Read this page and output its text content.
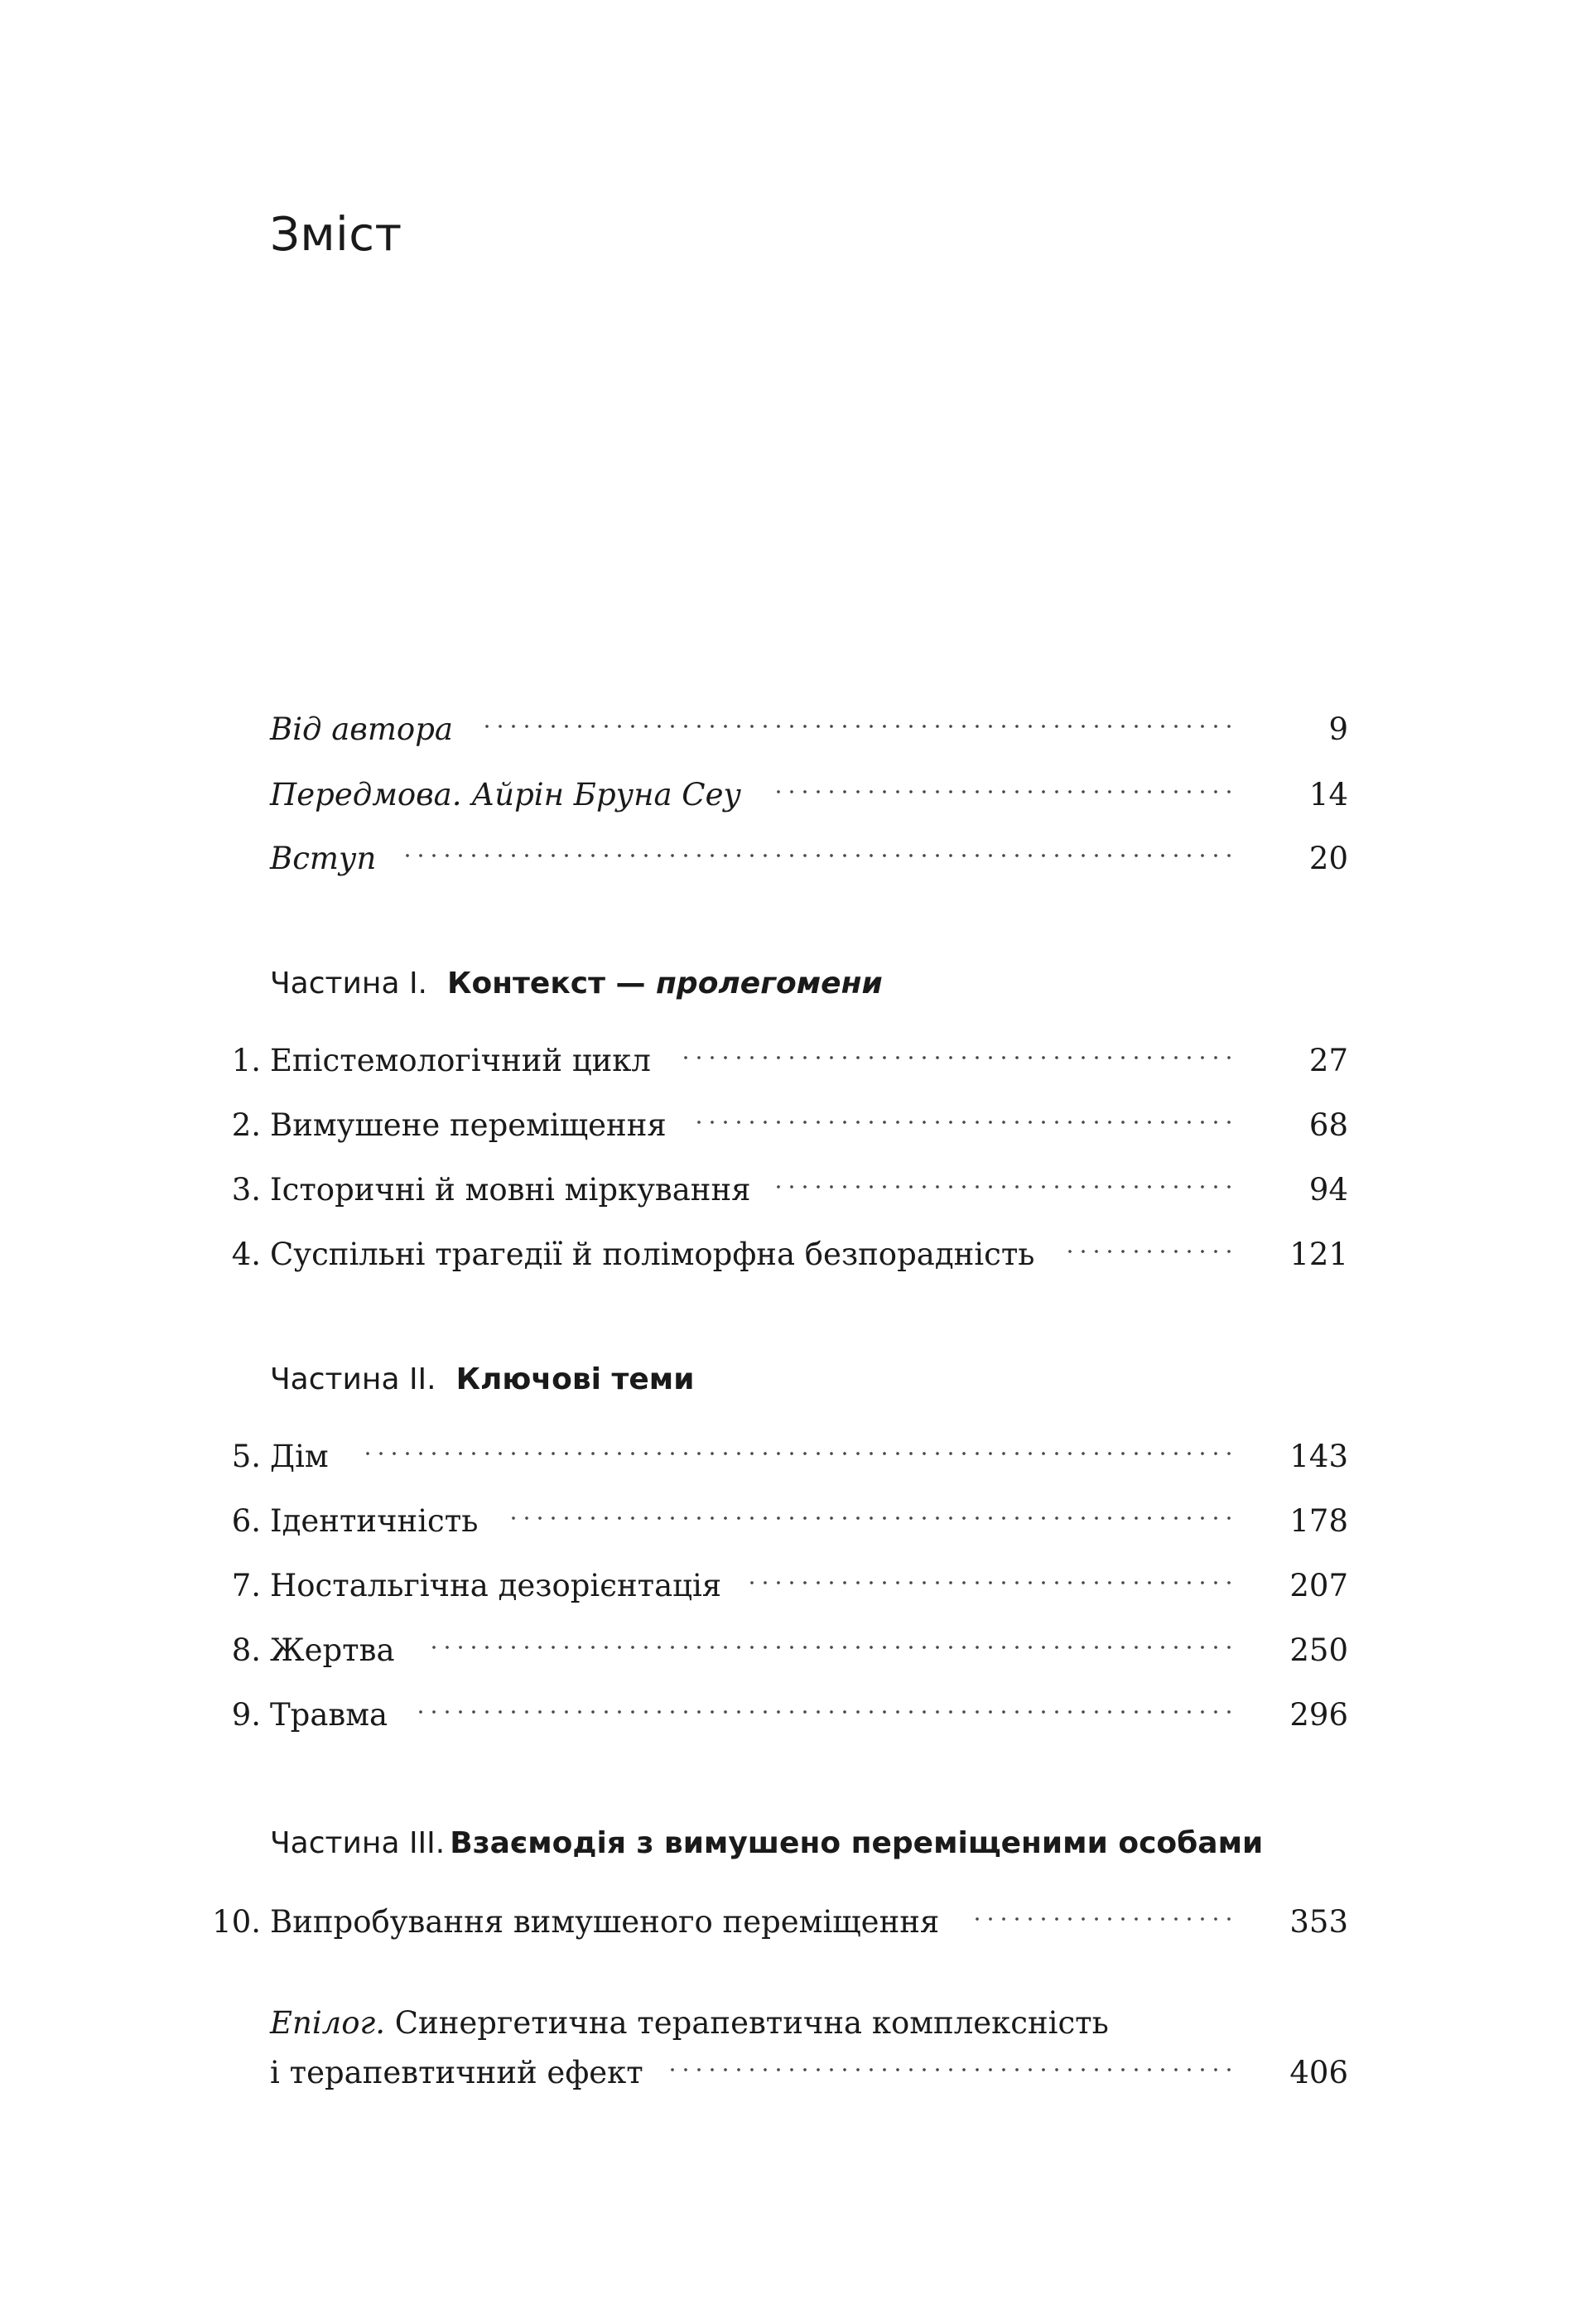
Зміст
Від автора	9
Передмова. Айрін Бруна Сеу	14
Вступ	20
Частина І. Контекст — пролегомени
1. Епістемологічний цикл	27
2. Вимушене переміщення	68
3. Історичні й мовні міркування	94
4. Суспільні трагедії й поліморфна безпорадність	121
Частина ІІ. Ключові теми
5. Дім	143
6. Ідентичність	178
7. Ностальгічна дезорієнтація	207
8. Жертва	250
9. Травма	296
Частина ІІІ. Взаємодія з вимушено переміщеними особами
10. Випробування вимушеного переміщення	353
Епілог. Синергетична терапевтична комплексність
і терапевтичний ефект	406
